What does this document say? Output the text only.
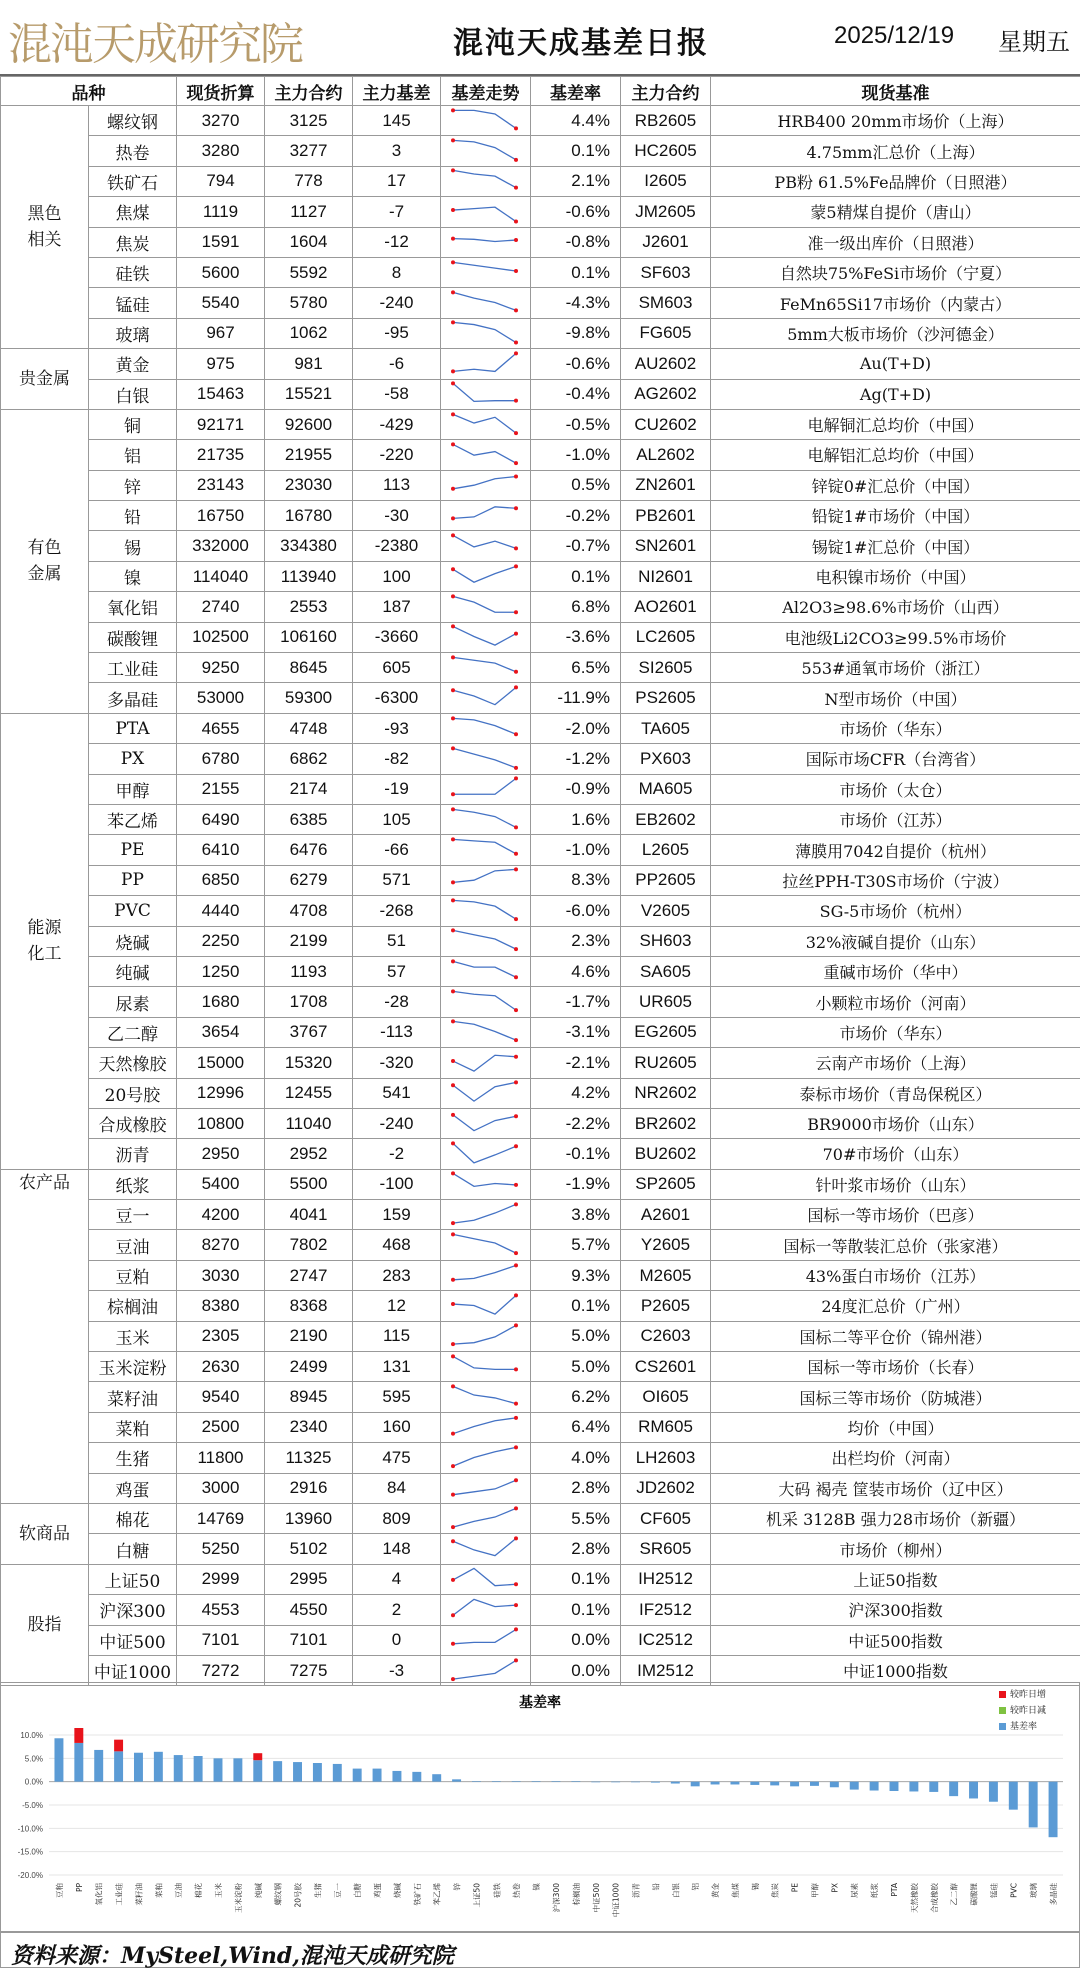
混沌天成研究院	混沌天成基差日报	2025/12/19 星期五
品种		现货折算	主力合约	主力基差	基差走势	基差率	主力合约	现货基准
黑色
相关	螺纹钢	3270	3125	145		4.4%	RB2605	HRB400 20mm市场价（上海）
	热卷	3280	3277	3		0.1%	HC2605	4.75mm汇总价（上海）
	铁矿石	794	778	17		2.1%	I2605	PB粉 61.5%Fe品牌价（日照港）
	焦煤	1119	1127	-7		-0.6%	JM2605	蒙5精煤自提价（唐山）
	焦炭	1591	1604	-12		-0.8%	J2601	准一级出库价（日照港）
	硅铁	5600	5592	8		0.1%	SF603	自然块75%FeSi市场价（宁夏）
	锰硅	5540	5780	-240		-4.3%	SM603	FeMn65Si17市场价（内蒙古）
	玻璃	967	1062	-95		-9.8%	FG605	5mm大板市场价（沙河德金）
贵金属	黄金	975	981	-6		-0.6%	AU2602	Au(T+D)
	白银	15463	15521	-58		-0.4%	AG2602	Ag(T+D)
有色
金属	铜	92171	92600	-429		-0.5%	CU2602	电解铜汇总均价（中国）
	铝	21735	21955	-220		-1.0%	AL2602	电解铝汇总均价（中国）
	锌	23143	23030	113		0.5%	ZN2601	锌锭0#汇总价（中国）
	铅	16750	16780	-30		-0.2%	PB2601	铅锭1#市场价（中国）
	锡	332000	334380	-2380		-0.7%	SN2601	锡锭1#汇总价（中国）
	镍	114040	113940	100		0.1%	NI2601	电积镍市场价（中国）
	氧化铝	2740	2553	187		6.8%	AO2601	Al2O3≥98.6%市场价（山西）
	碳酸锂	102500	106160	-3660		-3.6%	LC2605	电池级Li2CO3≥99.5%市场价
	工业硅	9250	8645	605		6.5%	SI2605	553#通氧市场价（浙江）
	多晶硅	53000	59300	-6300		-11.9%	PS2605	N型市场价（中国）
能源
化工	PTA	4655	4748	-93		-2.0%	TA605	市场价（华东）
	PX	6780	6862	-82		-1.2%	PX603	国际市场CFR（台湾省）
	甲醇	2155	2174	-19		-0.9%	MA605	市场价（太仓）
	苯乙烯	6490	6385	105		1.6%	EB2602	市场价（江苏）
	PE	6410	6476	-66		-1.0%	L2605	薄膜用7042自提价（杭州）
	PP	6850	6279	571		8.3%	PP2605	拉丝PPH-T30S市场价（宁波）
	PVC	4440	4708	-268		-6.0%	V2605	SG-5市场价（杭州）
	烧碱	2250	2199	51		2.3%	SH603	32%液碱自提价（山东）
	纯碱	1250	1193	57		4.6%	SA605	重碱市场价（华中）
	尿素	1680	1708	-28		-1.7%	UR605	小颗粒市场价（河南）
	乙二醇	3654	3767	-113		-3.1%	EG2605	市场价（华东）
	天然橡胶	15000	15320	-320		-2.1%	RU2605	云南产市场价（上海）
	20号胶	12996	12455	541		4.2%	NR2602	泰标市场价（青岛保税区）
	合成橡胶	10800	11040	-240		-2.2%	BR2602	BR9000市场价（山东）
	沥青	2950	2952	-2		-0.1%	BU2602	70#市场价（山东）
农产品	纸浆	5400	5500	-100		-1.9%	SP2605	针叶浆市场价（山东）
	豆一	4200	4041	159		3.8%	A2601	国标一等市场价（巴彦）
	豆油	8270	7802	468		5.7%	Y2605	国标一等散装汇总价（张家港）
	豆粕	3030	2747	283		9.3%	M2605	43%蛋白市场价（江苏）
	棕榈油	8380	8368	12		0.1%	P2605	24度汇总价（广州）
	玉米	2305	2190	115		5.0%	C2603	国标二等平仓价（锦州港）
	玉米淀粉	2630	2499	131		5.0%	CS2601	国标一等市场价（长春）
	菜籽油	9540	8945	595		6.2%	OI605	国标三等市场价（防城港）
	菜粕	2500	2340	160		6.4%	RM605	均价（中国）
	生猪	11800	11325	475		4.0%	LH2603	出栏均价（河南）
	鸡蛋	3000	2916	84		2.8%	JD2602	大码 褐壳 筐装市场价（辽中区）
软商品	棉花	14769	13960	809		5.5%	CF605	机采 3128B 强力28市场价（新疆）
	白糖	5250	5102	148		2.8%	SR605	市场价（柳州）
股指	上证50	2999	2995	4		0.1%	IH2512	上证50指数
	沪深300	4553	4550	2		0.1%	IF2512	沪深300指数
	中证500	7101	7101	0		0.0%	IC2512	中证500指数
	中证1000	7272	7275	-3		0.0%	IM2512	中证1000指数
基差率
10.0%
5.0%
0.0%
-5.0%
-10.0%
-15.0%
-20.0%
豆粕 PP 氧化铝 工业硅 菜籽油 菜粕 豆油 棉花 玉米 玉米淀粉 纯碱 螺纹钢 20号胶 生猪 豆一 白糖 鸡蛋 烧碱 铁矿石 苯乙烯 锌 上证50 硅铁 热卷 镍 沪深300 棕榈油 中证500 中证1000 沥青 铅 白银 铝 黄金 焦煤 锡 焦炭 PE 甲醇 PX 尿素 纸浆 PTA 天然橡胶 合成橡胶 乙二醇 碳酸锂 锰硅 PVC 玻璃 多晶硅
较昨日增
较昨日减
基差率
资料来源：MySteel,Wind,混沌天成研究院
